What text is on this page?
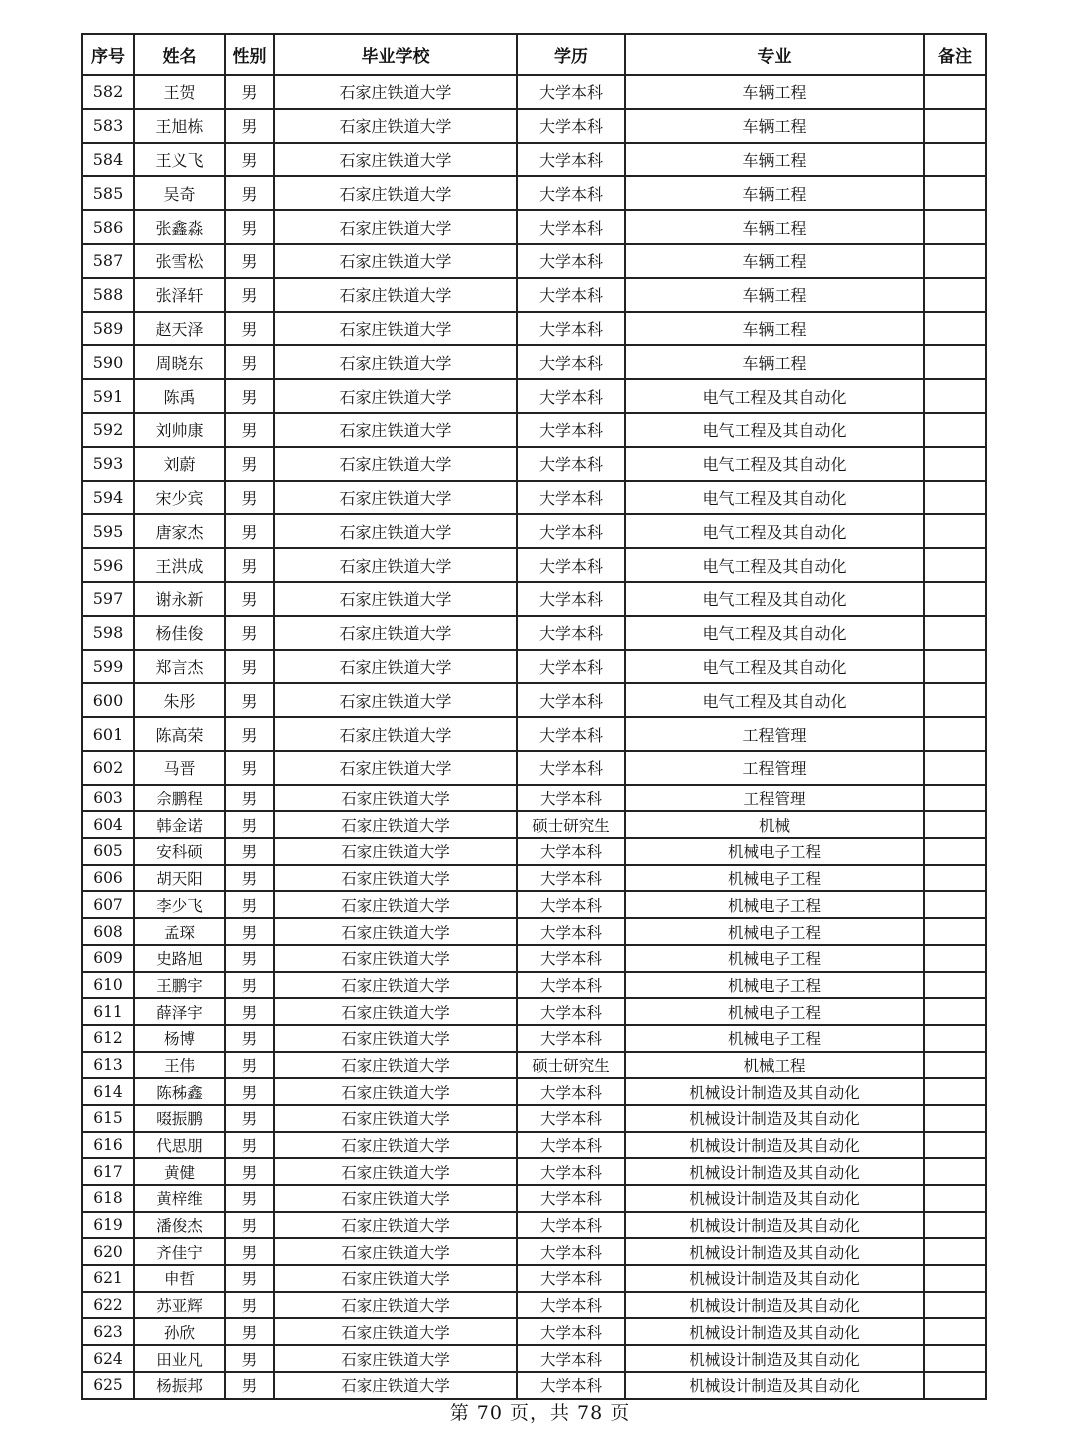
序号	姓名	性别	毕业学校	学历	专业	备注
582	王贺	男	石家庄铁道大学	大学本科	车辆工程	
583	王旭栋	男	石家庄铁道大学	大学本科	车辆工程	
584	王义飞	男	石家庄铁道大学	大学本科	车辆工程	
585	吴奇	男	石家庄铁道大学	大学本科	车辆工程	
586	张鑫淼	男	石家庄铁道大学	大学本科	车辆工程	
587	张雪松	男	石家庄铁道大学	大学本科	车辆工程	
588	张泽轩	男	石家庄铁道大学	大学本科	车辆工程	
589	赵天泽	男	石家庄铁道大学	大学本科	车辆工程	
590	周晓东	男	石家庄铁道大学	大学本科	车辆工程	
591	陈禹	男	石家庄铁道大学	大学本科	电气工程及其自动化	
592	刘帅康	男	石家庄铁道大学	大学本科	电气工程及其自动化	
593	刘蔚	男	石家庄铁道大学	大学本科	电气工程及其自动化	
594	宋少宾	男	石家庄铁道大学	大学本科	电气工程及其自动化	
595	唐家杰	男	石家庄铁道大学	大学本科	电气工程及其自动化	
596	王洪成	男	石家庄铁道大学	大学本科	电气工程及其自动化	
597	谢永新	男	石家庄铁道大学	大学本科	电气工程及其自动化	
598	杨佳俊	男	石家庄铁道大学	大学本科	电气工程及其自动化	
599	郑言杰	男	石家庄铁道大学	大学本科	电气工程及其自动化	
600	朱彤	男	石家庄铁道大学	大学本科	电气工程及其自动化	
601	陈高荣	男	石家庄铁道大学	大学本科	工程管理	
602	马晋	男	石家庄铁道大学	大学本科	工程管理	
603	佘鹏程	男	石家庄铁道大学	大学本科	工程管理	
604	韩金诺	男	石家庄铁道大学	硕士研究生	机械	
605	安科硕	男	石家庄铁道大学	大学本科	机械电子工程	
606	胡天阳	男	石家庄铁道大学	大学本科	机械电子工程	
607	李少飞	男	石家庄铁道大学	大学本科	机械电子工程	
608	孟琛	男	石家庄铁道大学	大学本科	机械电子工程	
609	史路旭	男	石家庄铁道大学	大学本科	机械电子工程	
610	王鹏宇	男	石家庄铁道大学	大学本科	机械电子工程	
611	薛泽宇	男	石家庄铁道大学	大学本科	机械电子工程	
612	杨博	男	石家庄铁道大学	大学本科	机械电子工程	
613	王伟	男	石家庄铁道大学	硕士研究生	机械工程	
614	陈秭鑫	男	石家庄铁道大学	大学本科	机械设计制造及其自动化	
615	啜振鹏	男	石家庄铁道大学	大学本科	机械设计制造及其自动化	
616	代思朋	男	石家庄铁道大学	大学本科	机械设计制造及其自动化	
617	黄健	男	石家庄铁道大学	大学本科	机械设计制造及其自动化	
618	黄梓维	男	石家庄铁道大学	大学本科	机械设计制造及其自动化	
619	潘俊杰	男	石家庄铁道大学	大学本科	机械设计制造及其自动化	
620	齐佳宁	男	石家庄铁道大学	大学本科	机械设计制造及其自动化	
621	申哲	男	石家庄铁道大学	大学本科	机械设计制造及其自动化	
622	苏亚辉	男	石家庄铁道大学	大学本科	机械设计制造及其自动化	
623	孙欣	男	石家庄铁道大学	大学本科	机械设计制造及其自动化	
624	田业凡	男	石家庄铁道大学	大学本科	机械设计制造及其自动化	
625	杨振邦	男	石家庄铁道大学	大学本科	机械设计制造及其自动化	
第 70 页，共 78 页
